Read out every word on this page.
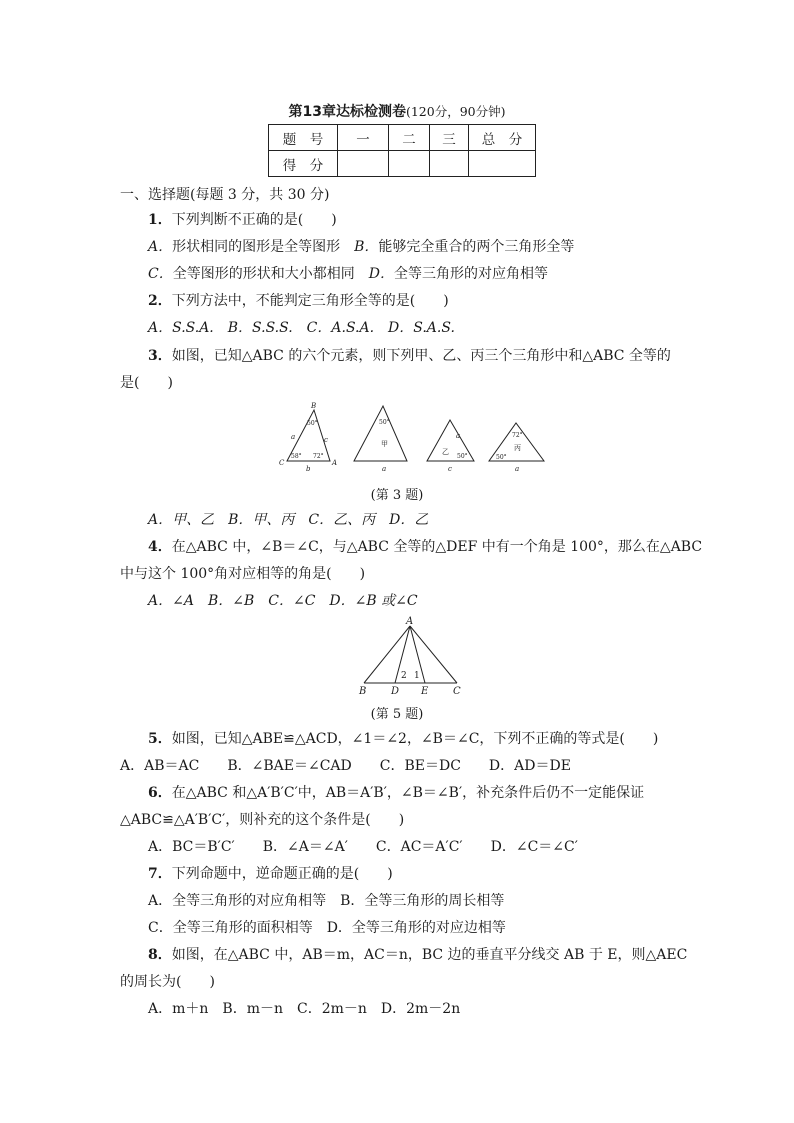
第13章达标检测卷(120分，90分钟)
题　号	一	二	三	总　分
得　分				
一、选择题(每题 3 分，共 30 分)
1．下列判断不正确的是(　　)
A．形状相同的图形是全等图形 B．能够完全重合的两个三角形全等
C．全等图形的形状和大小都相同 D．全等三角形的对应角相等
2．下列方法中，不能判定三角形全等的是(　　)
A．S.S.A.　B．S.S.S.　C．A.S.A.　D．S.A.S.
3．如图，已知△ABC 的六个元素，则下列甲、乙、丙三个三角形中和△ABC 全等的
是(　　)
B
C	A
a
b
c
50°
58° 72°
50°
甲
a
a
乙
50°
c
72°
丙
50°
a
(第 3 题)
A．甲、乙　B．甲、丙　C．乙、丙　D．乙
4．在△ABC 中，∠B＝∠C，与△ABC 全等的△DEF 中有一个角是 100°，那么在△ABC
中与这个 100°角对应相等的角是(　　)
A．∠A　B．∠B　C．∠C　D．∠B 或∠C
A
B D E C
2 1
(第 5 题)
5．如图，已知△ABE≌△ACD，∠1＝∠2，∠B＝∠C，下列不正确的等式是(　　)
A．AB＝AC B．∠BAE＝∠CAD C．BE＝DC D．AD＝DE
6．在△ABC 和△A′B′C′中，AB＝A′B′，∠B＝∠B′，补充条件后仍不一定能保证
△ABC≌△A′B′C′，则补充的这个条件是(　　)
A．BC＝B′C′ B．∠A＝∠A′ C．AC＝A′C′ D．∠C＝∠C′
7．下列命题中，逆命题正确的是(　　)
A．全等三角形的对应角相等　B．全等三角形的周长相等
C．全等三角形的面积相等　D．全等三角形的对应边相等
8．如图，在△ABC 中，AB＝m，AC＝n，BC 边的垂直平分线交 AB 于 E，则△AEC
的周长为(　　)
A．m＋n　B．m－n　C．2m－n　D．2m－2n
